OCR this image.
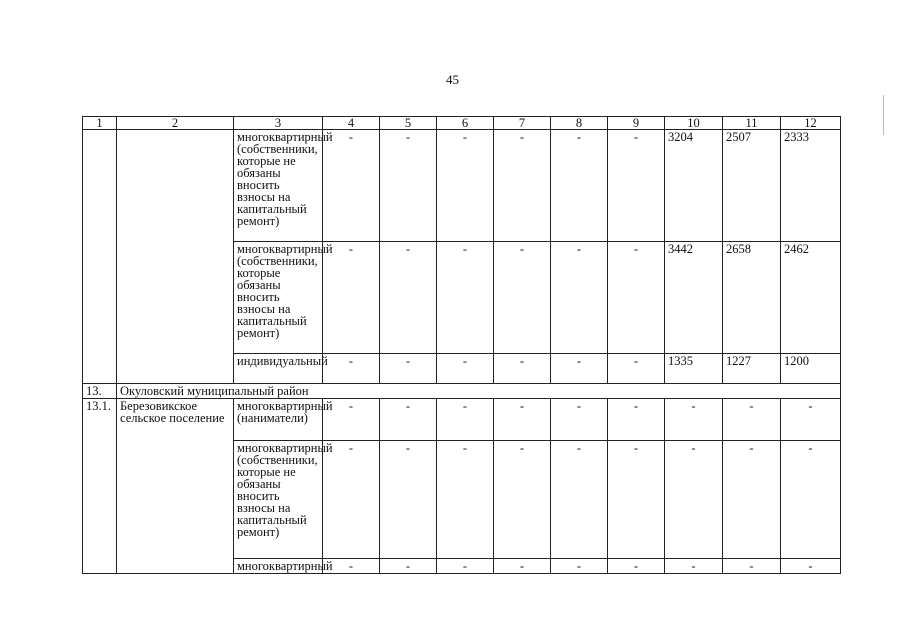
45
1	2	3	4	5	6	7	8	9	10	11	12
		многоквартирный (собственники, которые не обязаны вносить взносы на капитальный ремонт)	-	-	-	-	-	-	3204	2507	2333
		многоквартирный (собственники, которые обязаны вносить взносы на капитальный ремонт)	-	-	-	-	-	-	3442	2658	2462
		индивидуальный	-	-	-	-	-	-	1335	1227	1200
13.	Окуловский муниципальный район										
13.1.	Березовикское сельское поселение	многоквартирный (наниматели)	-	-	-	-	-	-	-	-	-
		многоквартирный (собственники, которые не обязаны вносить взносы на капитальный ремонт)	-	-	-	-	-	-	-	-	-
		многоквартирный	-	-	-	-	-	-	-	-	-
